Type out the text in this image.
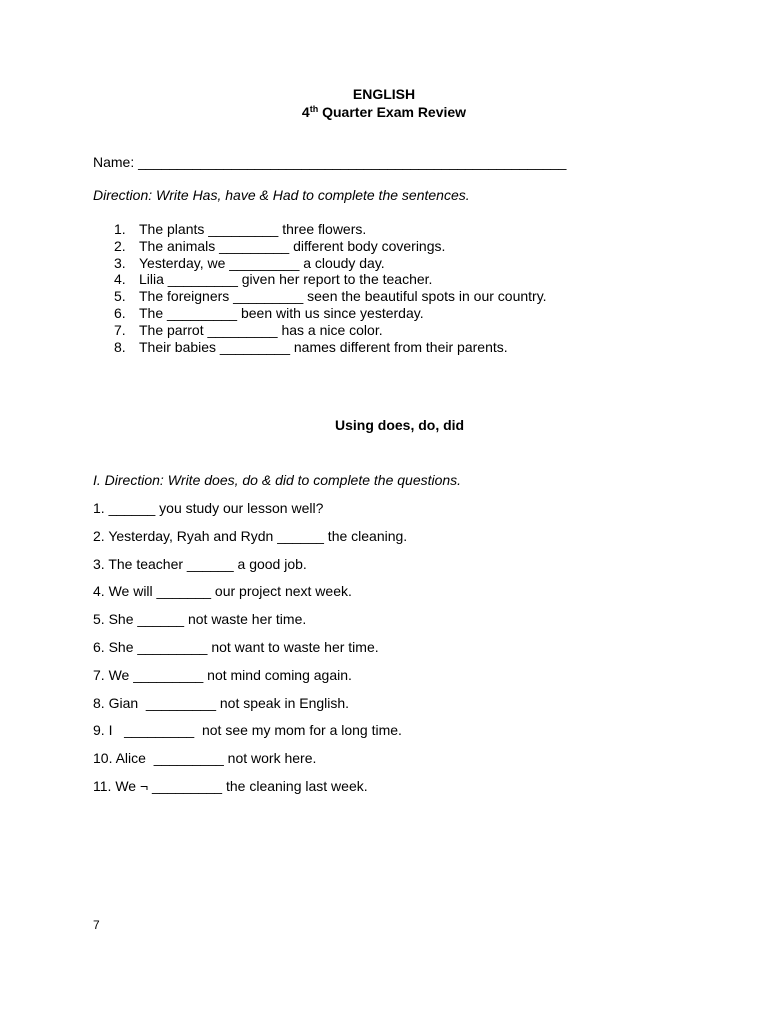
ENGLISH
4th Quarter Exam Review
Name: _______________________________________________________
Direction: Write Has, have & Had to complete the sentences.
1. The plants _________ three flowers.
2. The animals _________ different body coverings.
3. Yesterday, we _________ a cloudy day.
4. Lilia _________ given her report to the teacher.
5. The foreigners _________ seen the beautiful spots in our country.
6. The _________ been with us since yesterday.
7. The parrot _________ has a nice color.
8. Their babies _________ names different from their parents.
Using does, do, did
I. Direction: Write does, do & did to complete the questions.
1. ______ you study our lesson well?
2. Yesterday, Ryah and Rydn ______ the cleaning.
3. The teacher ______ a good job.
4. We will _______ our project next week.
5. She ______ not waste her time.
6. She _________ not want to waste her time.
7. We _________ not mind coming again.
8. Gian  _________ not speak in English.
9. I   _________  not see my mom for a long time.
10. Alice  _________ not work here.
11. We ¬ _________ the cleaning last week.
7
